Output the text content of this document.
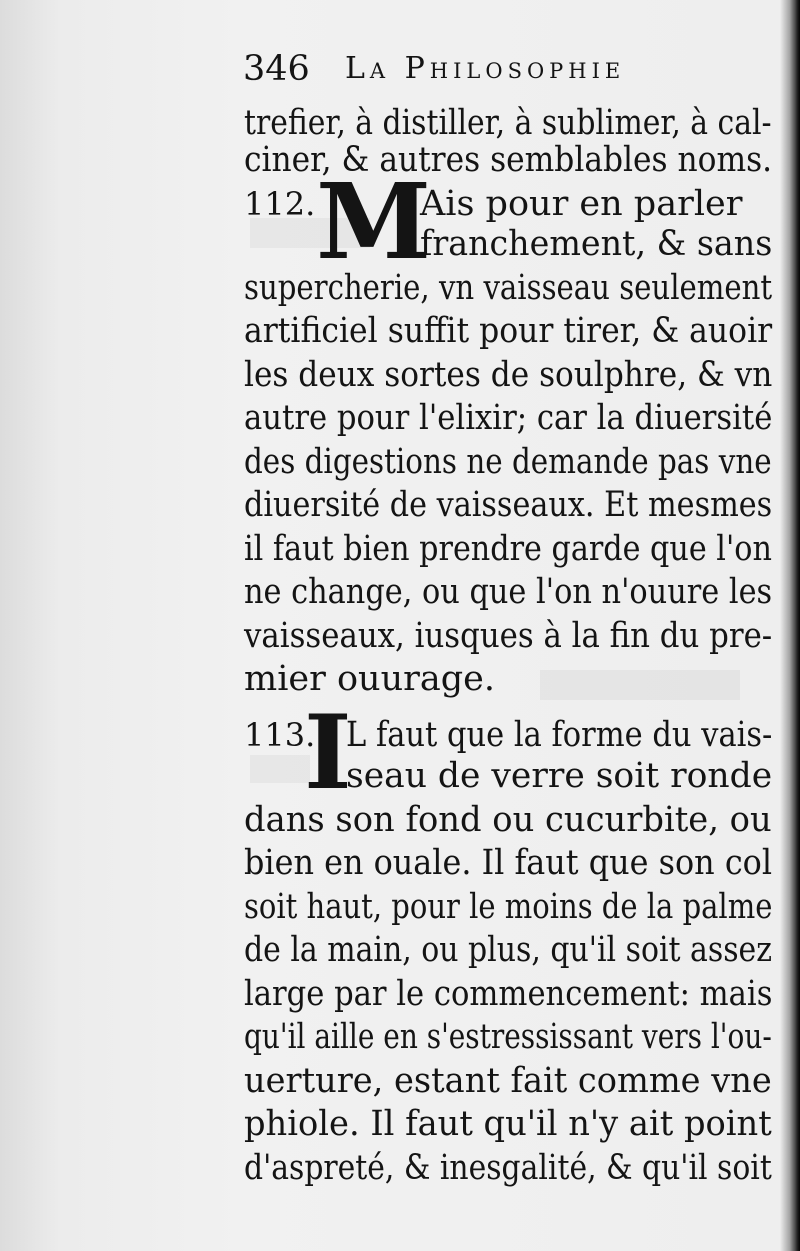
346 La Philosophie
trefier, à distiller, à sublimer, à cal-
ciner, & autres semblables noms.
112. M
Ais pour en parler
franchement, & sans
supercherie, vn vaisseau seulement
artificiel suffit pour tirer, & auoir
les deux sortes de soulphre, & vn
autre pour l'elixir; car la diuersité
des digestions ne demande pas vne
diuersité de vaisseaux. Et mesmes
il faut bien prendre garde que l'on
ne change, ou que l'on n'ouure les
vaisseaux, iusques à la fin du pre-
mier ouurage.
113.
I
L faut que la forme du vais-
seau de verre soit ronde
dans son fond ou cucurbite, ou
bien en ouale. Il faut que son col
soit haut, pour le moins de la palme
de la main, ou plus, qu'il soit assez
large par le commencement: mais
qu'il aille en s'estressissant vers l'ou-
uerture, estant fait comme vne
phiole. Il faut qu'il n'y ait point
d'aspreté, & inesgalité, & qu'il soit
